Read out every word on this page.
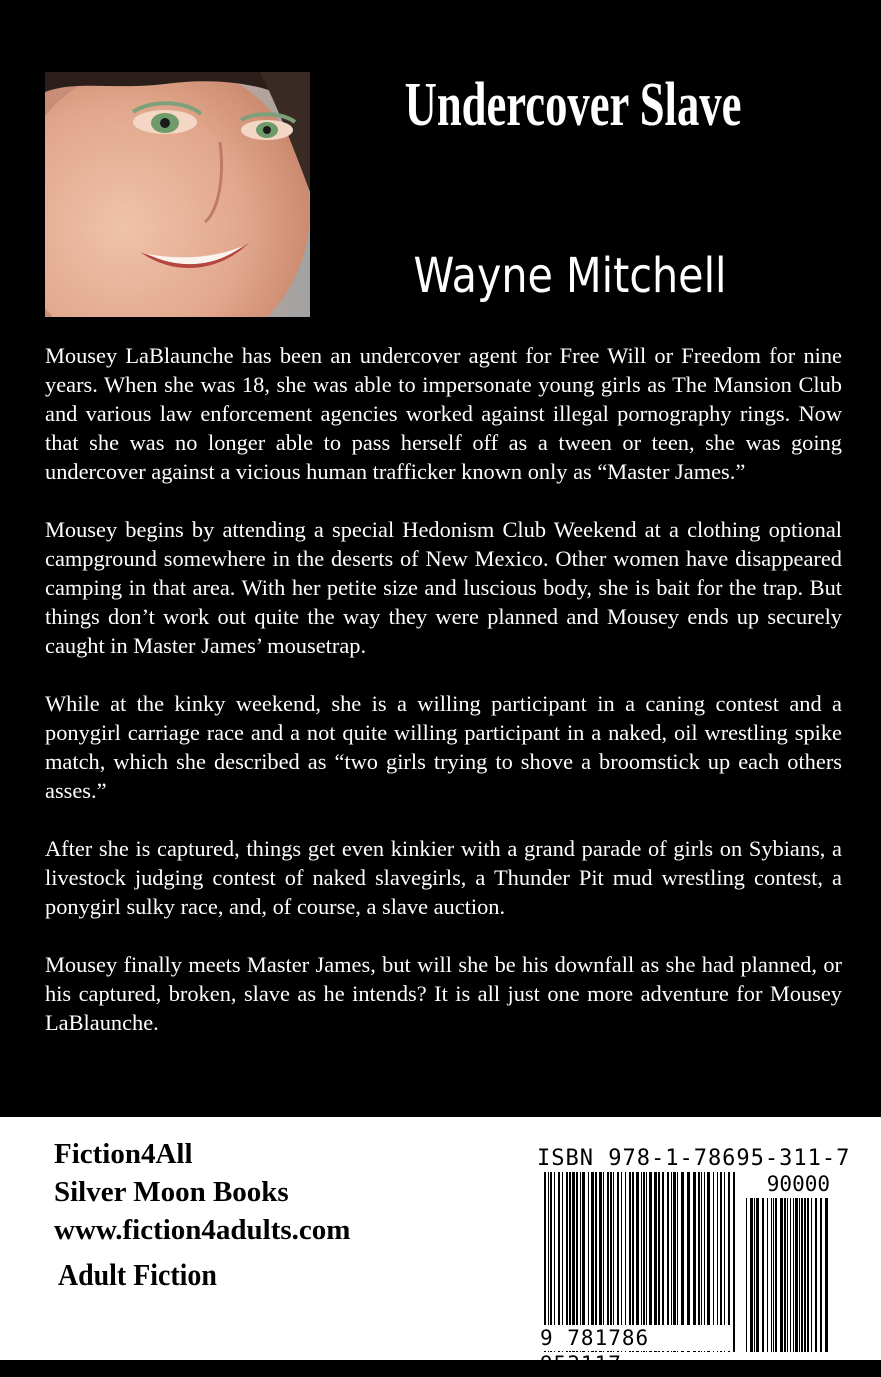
Undercover Slave
Wayne Mitchell

Mousey LaBlaunche has been an undercover agent for Free Will or Freedom for nine years. When she was 18, she was able to impersonate young girls as The Mansion Club and various law enforcement agencies worked against illegal pornography rings. Now that she was no longer able to pass herself off as a tween or teen, she was going undercover against a vicious human trafficker known only as “Master James.”

Mousey begins by attending a special Hedonism Club Weekend at a clothing optional campground somewhere in the deserts of New Mexico. Other women have disappeared camping in that area. With her petite size and luscious body, she is bait for the trap. But things don’t work out quite the way they were planned and Mousey ends up securely caught in Master James’ mousetrap.

While at the kinky weekend, she is a willing participant in a caning contest and a ponygirl carriage race and a not quite willing participant in a naked, oil wrestling spike match, which she described as “two girls trying to shove a broomstick up each others asses.”

After she is captured, things get even kinkier with a grand parade of girls on Sybians, a livestock judging contest of naked slavegirls, a Thunder Pit mud wrestling contest, a ponygirl sulky race, and, of course, a slave auction.

Mousey finally meets Master James, but will she be his downfall as she had planned, or his captured, broken, slave as he intends? It is all just one more adventure for Mousey LaBlaunche.

Fiction4All
Silver Moon Books
www.fiction4adults.com
Adult Fiction
ISBN 978-1-78695-311-7
90000
9 781786 953117
